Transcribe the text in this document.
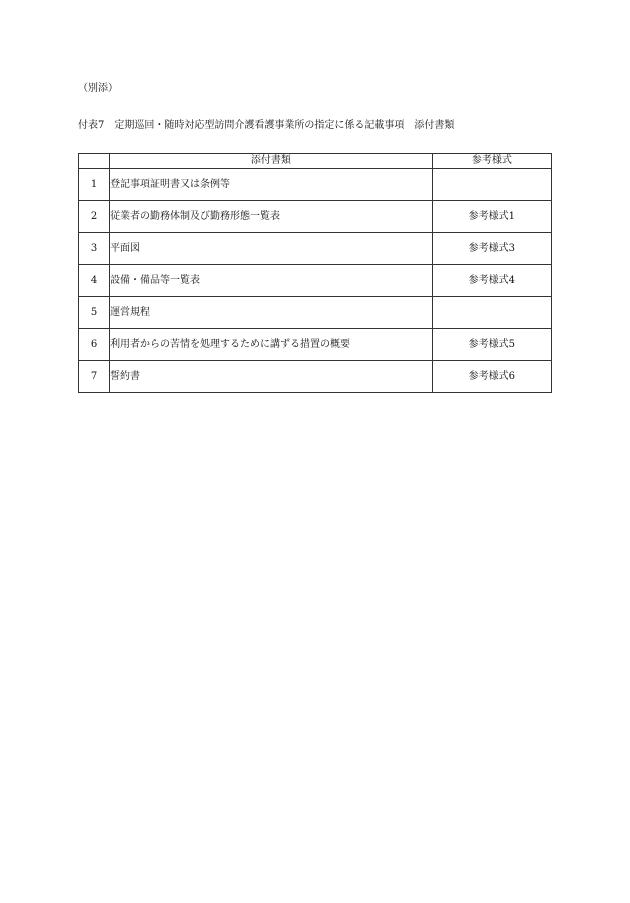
（別添）
付表7　定期巡回・随時対応型訪問介護看護事業所の指定に係る記載事項　添付書類
	添付書類	参考様式
1	登記事項証明書又は条例等	
2	従業者の勤務体制及び勤務形態一覧表	参考様式1
3	平面図	参考様式3
4	設備・備品等一覧表	参考様式4
5	運営規程	
6	利用者からの苦情を処理するために講ずる措置の概要	参考様式5
7	誓約書	参考様式6
